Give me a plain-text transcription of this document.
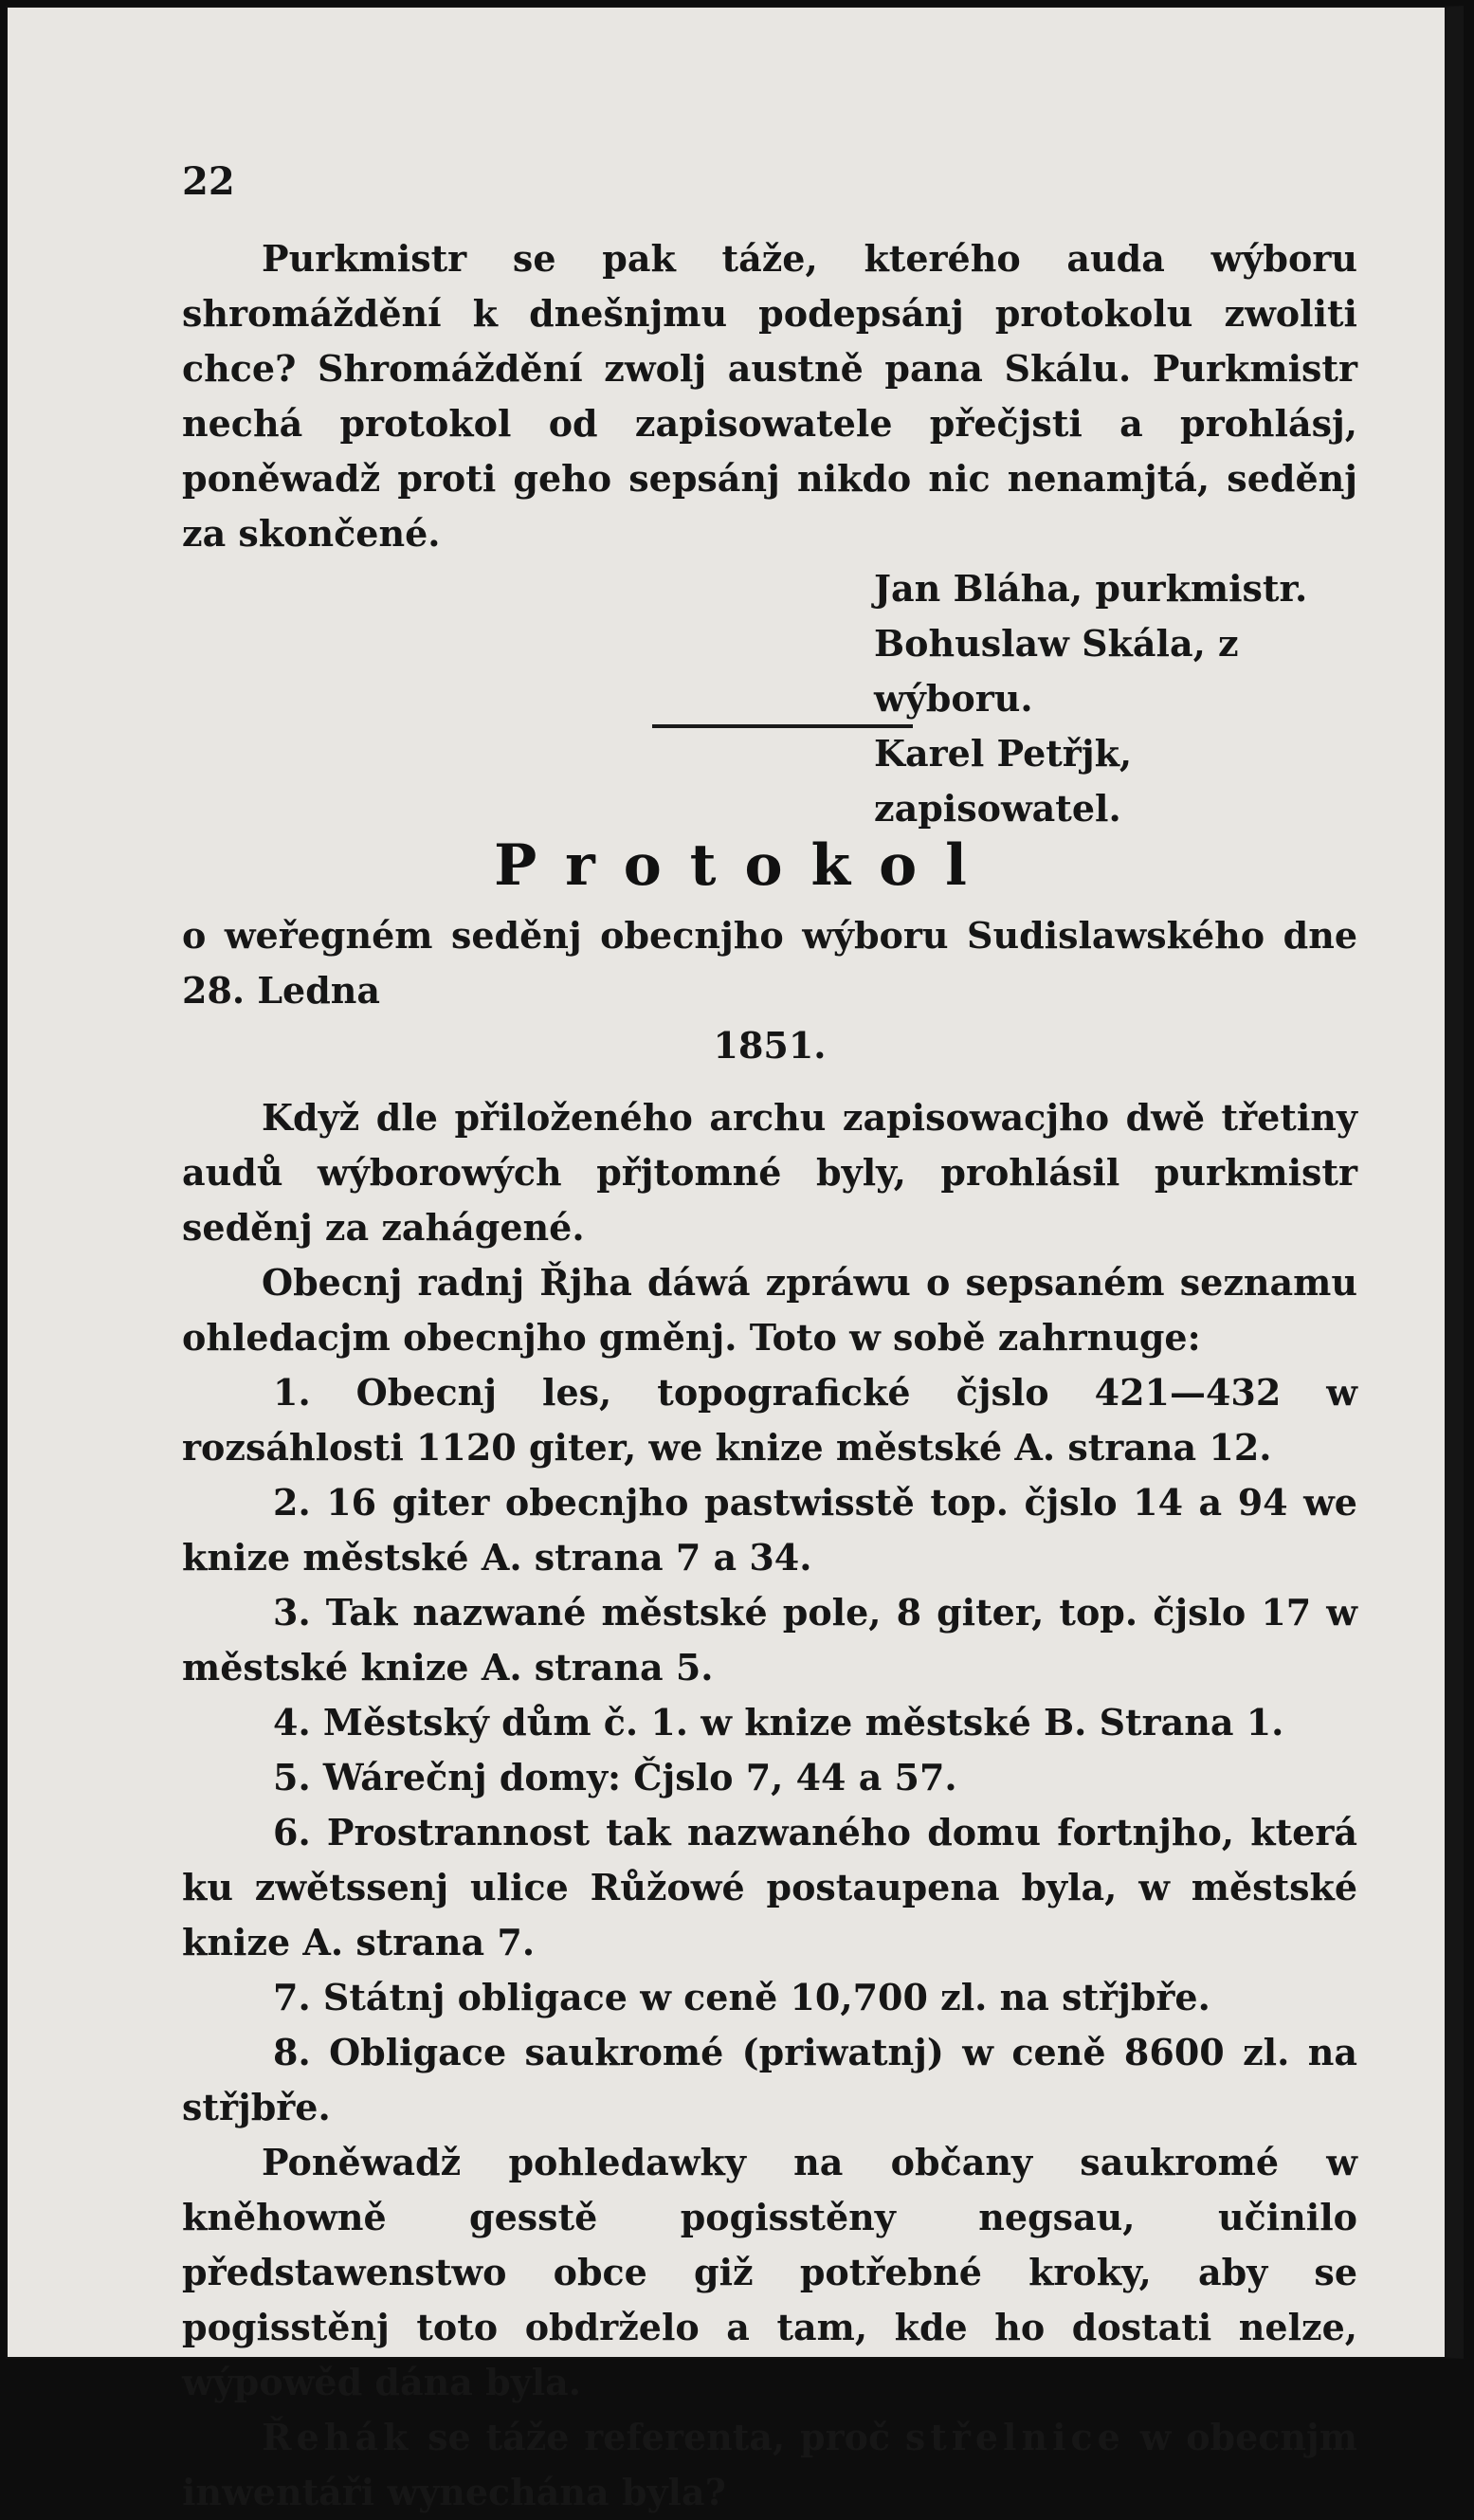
22

Purkmistr se pak táže, kterého auda wýboru shromáždění k dnešnjmu podepsánj protokolu zwoliti chce? Shromáždění zwolj austně pana Skálu. Purkmistr nechá protokol od zapisowatele přečjsti a prohlásj, poněwadž proti geho sepsánj nikdo nic nenamjtá, seděnj za skončené.

Jan Bláha, purkmistr.

Bohuslaw Skála, z wýboru.

Karel Petřjk, zapisowatel.

Protokol

o weřegném seděnj obecnjho wýboru Sudislawského dne 28. Ledna

1851.

Když dle přiloženého archu zapisowacjho dwě třetiny audů wýborowých přjtomné byly, prohlásil purkmistr seděnj za zahágené.

Obecnj radnj Řjha dáwá zpráwu o sepsaném seznamu ohledacjm obecnjho gměnj. Toto w sobě zahrnuge:

1. Obecnj les, topografické čjslo 421—432 w rozsáhlosti 1120 giter, we knize městské A. strana 12.

2. 16 giter obecnjho pastwisstě top. čjslo 14 a 94 we knize městské A. strana 7 a 34.

3. Tak nazwané městské pole, 8 giter, top. čjslo 17 w městské knize A. strana 5.

4. Městský dům č. 1. w knize městské B. Strana 1.

5. Wárečnj domy: Čjslo 7, 44 a 57.

6. Prostrannost tak nazwaného domu fortnjho, která ku zwětssenj ulice Růžowé postaupena byla, w městské knize A. strana 7.

7. Státnj obligace w ceně 10,700 zl. na střjbře.

8. Obligace saukromé (priwatnj) w ceně 8600 zl. na střjbře.

Poněwadž pohledawky na občany saukromé w kněhowně gesstě pogisstěny negsau, učinilo předstawenstwo obce giž potřebné kroky, aby se pogisstěnj toto obdrželo a tam, kde ho dostati nelze, wýpowěd dána byla.

Řehák se táže referenta, proč střelnice w obecnjm inwentáři wynechána byla?
